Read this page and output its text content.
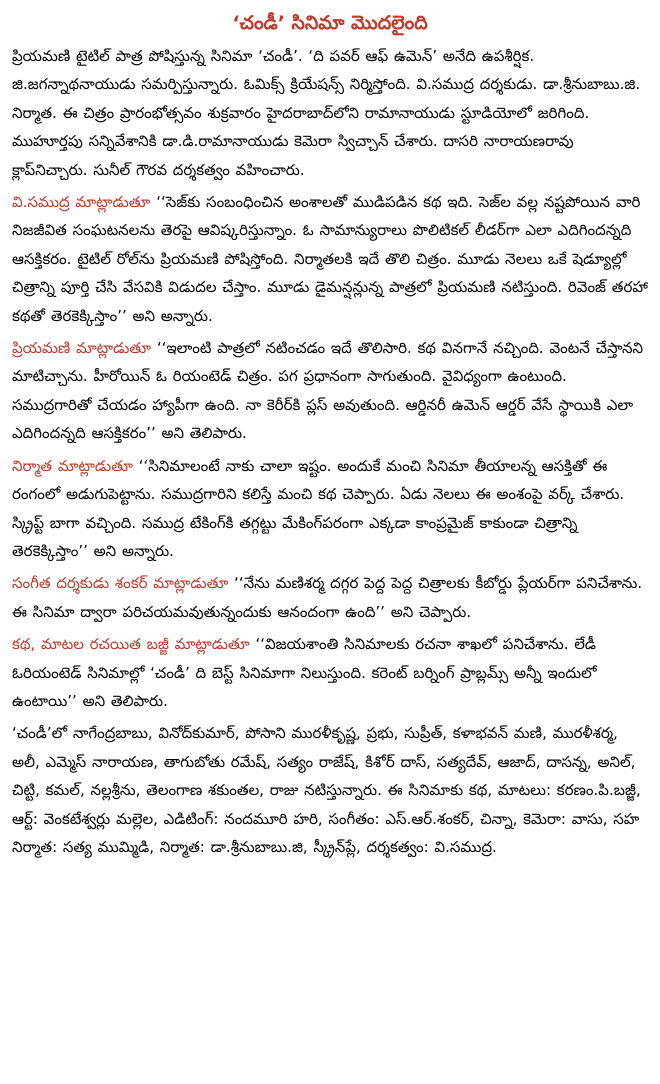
‘చండీ’ సినిమా మొదలైంది

ప్రియమణి టైటిల్ పాత్ర పోషిస్తున్న సినిమా ‘చండీ’. ‘ది పవర్ ఆఫ్ ఉమెన్’ అనేది ఉపశీర్షిక. జి.జగన్నాథనాయుడు సమర్పిస్తున్నారు. ఓమిక్స్ క్రియేషన్స్ నిర్మిస్తోంది. వి.సముద్ర దర్శకుడు. డా.శ్రీనుబాబు.జి. నిర్మాత. ఈ చిత్రం ప్రారంభోత్సవం శుక్రవారం హైదరాబాద్‌లోని రామానాయుడు స్టూడియోలో జరిగింది. ముహూర్తపు సన్నివేశానికి డా.డి.రామానాయుడు కెమెరా స్విచ్చాన్ చేశారు. దాసరి నారాయణరావు క్లాప్‌నిచ్చారు. సునీల్ గౌరవ దర్శకత్వం వహించారు.

వి.సముద్ర మాట్లాడుతూ ‘‘సెజ్‌కు సంబంధించిన అంశాలతో ముడిపడిన కథ ఇది. సెజ్‌ల వల్ల నష్టపోయిన వారి నిజజీవిత సంఘటనలను తెరపై ఆవిష్కరిస్తున్నాం. ఓ సామాన్యురాలు పొలిటికల్ లీడర్‌గా ఎలా ఎదిగిందన్నది ఆసక్తికరం. టైటిల్ రోల్‌ను ప్రియమణి పోషిస్తోంది. నిర్మాతలకి ఇదే తొలి చిత్రం. మూడు నెలలు ఒకే షెడ్యూల్లో చిత్రాన్ని పూర్తి చేసి వేసవికి విడుదల చేస్తాం. మూడు డైమన్షన్లున్న పాత్రలో ప్రియమణి నటిస్తుంది. రివెంజ్ తరహా కథతో తెరకెక్కిస్తాం’’ అని అన్నారు.

ప్రియమణి మాట్లాడుతూ ‘‘ఇలాంటి పాత్రలో నటించడం ఇదే తొలిసారి. కథ వినగానే నచ్చింది. వెంటనే చేస్తానని మాటిచ్చాను. హీరోయిన్ ఓ రియంటెడ్ చిత్రం. పగ ప్రధానంగా సాగుతుంది. వైవిధ్యంగా ఉంటుంది. సముద్రగారితో చేయడం హ్యాపీగా ఉంది. నా కెరీర్‌కి ప్లస్ అవుతుంది. ఆర్డినరీ ఉమెన్ ఆర్డర్ వేసే స్థాయికి ఎలా ఎదిగిందన్నది ఆసక్తికరం’’ అని తెలిపారు.

నిర్మాత మాట్లాడుతూ ‘‘సినిమాలంటే నాకు చాలా ఇష్టం. అందుకే మంచి సినిమా తీయాలన్న ఆసక్తితో ఈ రంగంలో అడుగుపెట్టాను. సముద్రగారిని కలిస్తే మంచి కథ చెప్పారు. ఏడు నెలలు ఈ అంశంపై వర్క్ చేశారు. స్క్రిప్ట్ బాగా వచ్చింది. సముద్ర టేకింగ్‌కి తగ్గట్టు మేకింగ్‌పరంగా ఎక్కడా కాంప్రమైజ్ కాకుండా చిత్రాన్ని తెరకెక్కిస్తాం’’ అని అన్నారు.

సంగీత దర్శకుడు శంకర్ మాట్లాడుతూ ‘‘నేను మణిశర్మ దగ్గర పెద్ద పెద్ద చిత్రాలకు కీబోర్డు ప్లేయర్‌గా పనిచేశాను. ఈ సినిమా ద్వారా పరిచయమవుతున్నందుకు ఆనందంగా ఉంది’’ అని చెప్పారు.

కథ, మాటల రచయిత బజ్జీ మాట్లాడుతూ ‘‘విజయశాంతి సినిమాలకు రచనా శాఖలో పనిచేశాను. లేడీ ఓరియంటెడ్ సినిమాల్లో ‘చండీ’ ది బెస్ట్ సినిమాగా నిలుస్తుంది. కరెంట్ బర్నింగ్ ప్రాబ్లమ్స్ అన్నీ ఇందులో ఉంటాయి’’ అని తెలిపారు.

‘చండీ’లో నాగేంద్రబాబు, వినోద్‌కుమార్, పోసాని మురళీకృష్ణ, ప్రభు, సుప్రీత్, కళాభవన్ మణి, మురళీశర్మ, అలీ, ఎమ్మెస్ నారాయణ, తాగుబోతు రమేష్, సత్యం రాజేష్, కిశోర్ దాస్, సత్యదేవ్, ఆజాద్, దాసన్న, అనిల్, చిట్టి, కమల్, నల్లశ్రీను, తెలంగాణ శకుంతల, రాజు నటిస్తున్నారు. ఈ సినిమాకు కథ, మాటలు: కరణం.పి.బజ్జీ, ఆర్ట్: వెంకటేశ్వర్లు మల్లెల, ఎడిటింగ్: నందమూరి హరి, సంగీతం: ఎస్.ఆర్.శంకర్, చిన్నా, కెమెరా: వాసు, సహ నిర్మాత: సత్య ముమ్మిడి, నిర్మాత: డా.శ్రీనుబాబు.జి, స్క్రీన్‌ప్లే, దర్శకత్వం: వి.సముద్ర.
